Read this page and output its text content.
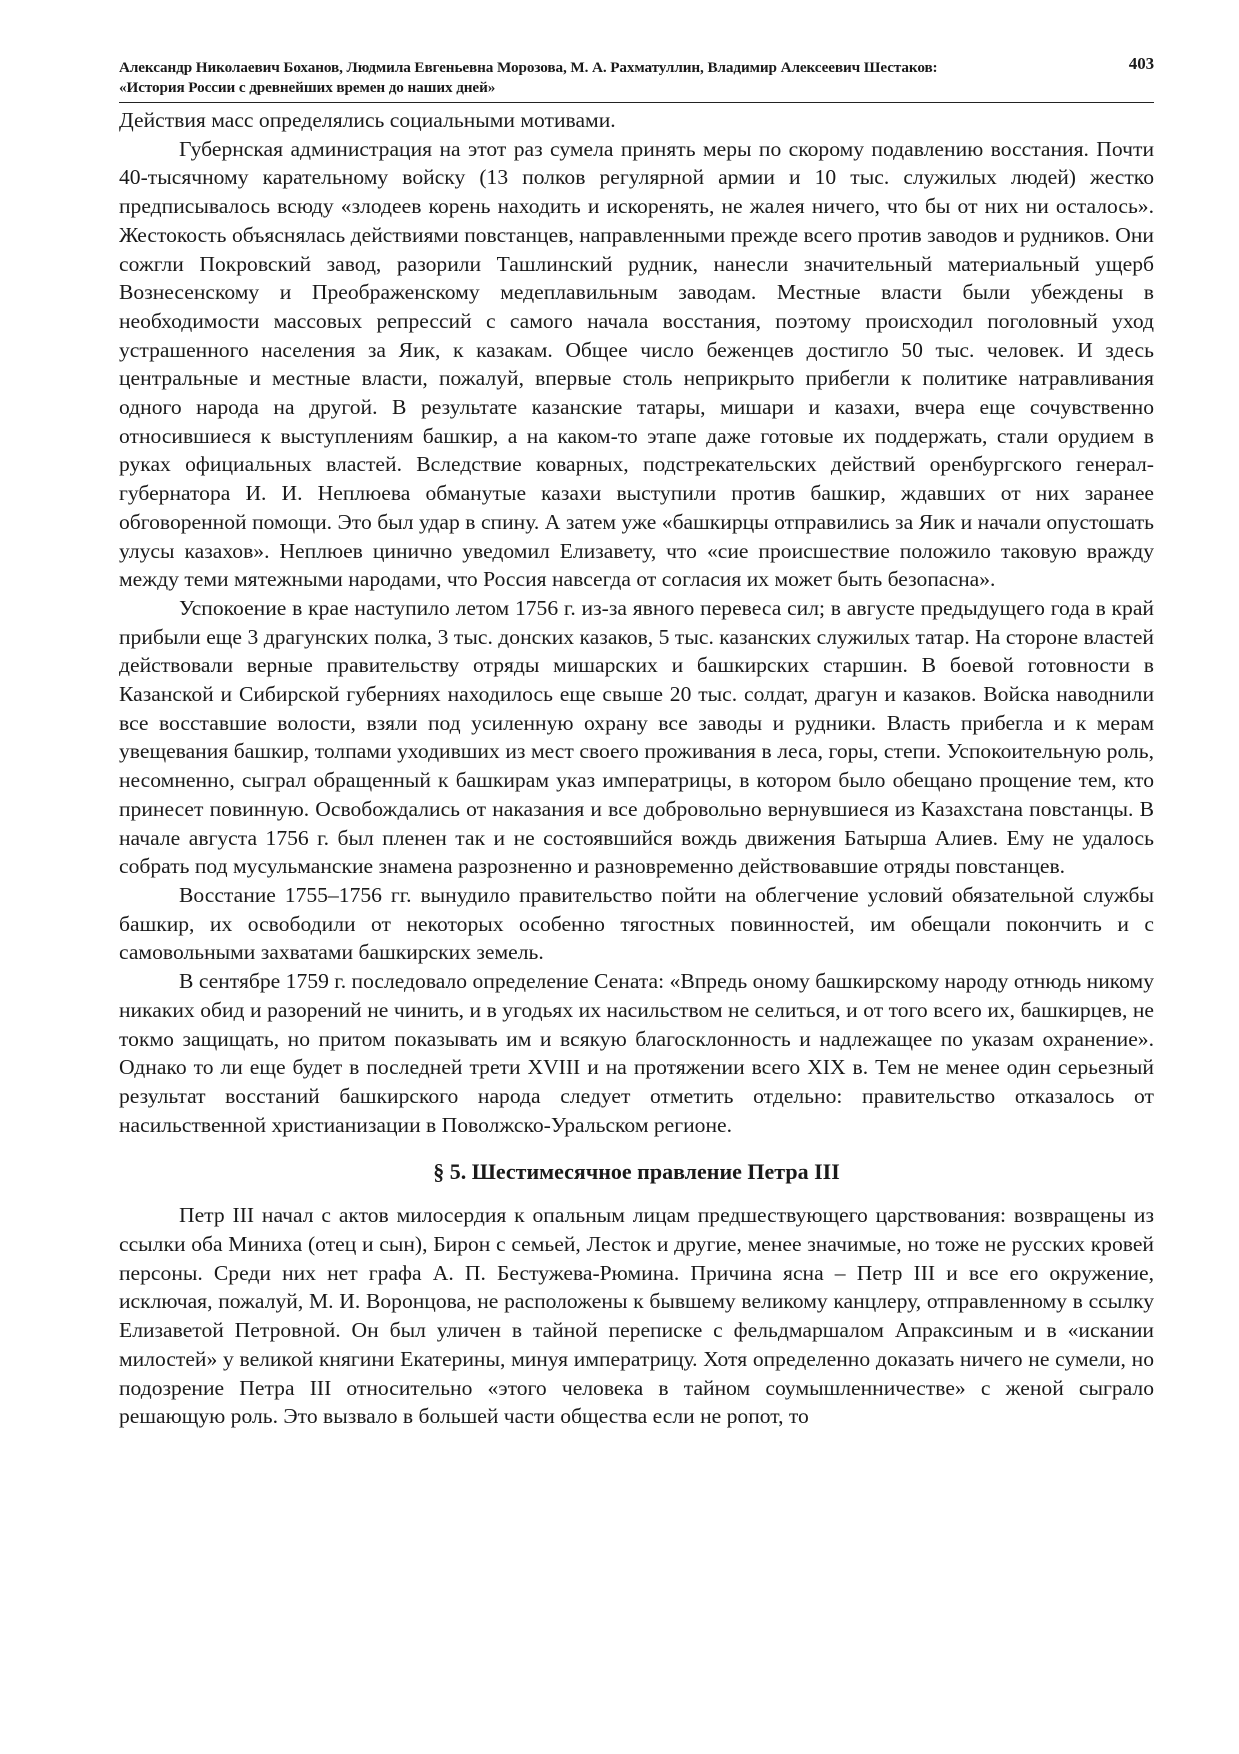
Александр Николаевич Боханов, Людмила Евгеньевна Морозова, М. А. Рахматуллин, Владимир Алексеевич Шестаков:
«История России с древнейших времен до наших дней»
403

Действия масс определялись социальными мотивами.

Губернская администрация на этот раз сумела принять меры по скорому подавлению восстания. Почти 40-тысячному карательному войску (13 полков регулярной армии и 10 тыс. служилых людей) жестко предписывалось всюду «злодеев корень находить и искоренять, не жалея ничего, что бы от них ни осталось». Жестокость объяснялась действиями повстанцев, направленными прежде всего против заводов и рудников. Они сожгли Покровский завод, разорили Ташлинский рудник, нанесли значительный материальный ущерб Вознесенскому и Преображенскому медеплавильным заводам. Местные власти были убеждены в необходимости массовых репрессий с самого начала восстания, поэтому происходил поголовный уход устрашенного населения за Яик, к казакам. Общее число беженцев достигло 50 тыс. человек. И здесь центральные и местные власти, пожалуй, впервые столь неприкрыто прибегли к политике натравливания одного народа на другой. В результате казанские татары, мишари и казахи, вчера еще сочувственно относившиеся к выступлениям башкир, а на каком-то этапе даже готовые их поддержать, стали орудием в руках официальных властей. Вследствие коварных, подстрекательских действий оренбургского генерал-губернатора И. И. Неплюева обманутые казахи выступили против башкир, ждавших от них заранее обговоренной помощи. Это был удар в спину. А затем уже «башкирцы отправились за Яик и начали опустошать улусы казахов». Неплюев цинично уведомил Елизавету, что «сие происшествие положило таковую вражду между теми мятежными народами, что Россия навсегда от согласия их может быть безопасна».

Успокоение в крае наступило летом 1756 г. из-за явного перевеса сил; в августе предыдущего года в край прибыли еще 3 драгунских полка, 3 тыс. донских казаков, 5 тыс. казанских служилых татар. На стороне властей действовали верные правительству отряды мишарских и башкирских старшин. В боевой готовности в Казанской и Сибирской губерниях находилось еще свыше 20 тыс. солдат, драгун и казаков. Войска наводнили все восставшие волости, взяли под усиленную охрану все заводы и рудники. Власть прибегла и к мерам увещевания башкир, толпами уходивших из мест своего проживания в леса, горы, степи. Успокоительную роль, несомненно, сыграл обращенный к башкирам указ императрицы, в котором было обещано прощение тем, кто принесет повинную. Освобождались от наказания и все добровольно вернувшиеся из Казахстана повстанцы. В начале августа 1756 г. был пленен так и не состоявшийся вождь движения Батырша Алиев. Ему не удалось собрать под мусульманские знамена разрозненно и разновременно действовавшие отряды повстанцев.

Восстание 1755–1756 гг. вынудило правительство пойти на облегчение условий обязательной службы башкир, их освободили от некоторых особенно тягостных повинностей, им обещали покончить и с самовольными захватами башкирских земель.

В сентябре 1759 г. последовало определение Сената: «Впредь оному башкирскому народу отнюдь никому никаких обид и разорений не чинить, и в угодьях их насильством не селиться, и от того всего их, башкирцев, не токмо защищать, но притом показывать им и всякую благосклонность и надлежащее по указам охранение». Однако то ли еще будет в последней трети XVIII и на протяжении всего XIX в. Тем не менее один серьезный результат восстаний башкирского народа следует отметить отдельно: правительство отказалось от насильственной христианизации в Поволжско-Уральском регионе.

§ 5. Шестимесячное правление Петра III

Петр III начал с актов милосердия к опальным лицам предшествующего царствования: возвращены из ссылки оба Миниха (отец и сын), Бирон с семьей, Лесток и другие, менее значимые, но тоже не русских кровей персоны. Среди них нет графа А. П. Бестужева-Рюмина. Причина ясна – Петр III и все его окружение, исключая, пожалуй, М. И. Воронцова, не расположены к бывшему великому канцлеру, отправленному в ссылку Елизаветой Петровной. Он был уличен в тайной переписке с фельдмаршалом Апраксиным и в «искании милостей» у великой княгини Екатерины, минуя императрицу. Хотя определенно доказать ничего не сумели, но подозрение Петра III относительно «этого человека в тайном соумышленничестве» с женой сыграло решающую роль. Это вызвало в большей части общества если не ропот, то
